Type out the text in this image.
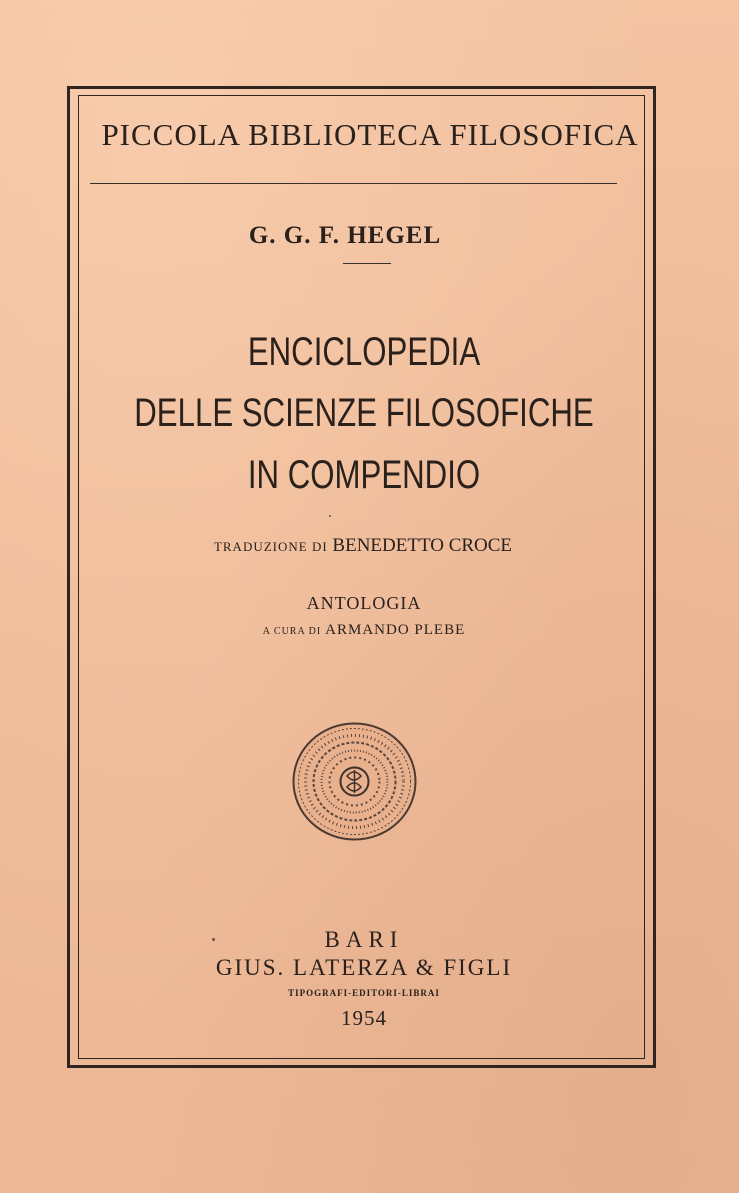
PICCOLA BIBLIOTECA FILOSOFICA
G. G. F. HEGEL
ENCICLOPEDIA
DELLE SCIENZE FILOSOFICHE
IN COMPENDIO
TRADUZIONE DI BENEDETTO CROCE
ANTOLOGIA
A CURA DI ARMANDO PLEBE
BARI
GIUS. LATERZA & FIGLI
TIPOGRAFI-EDITORI-LIBRAI
1954
